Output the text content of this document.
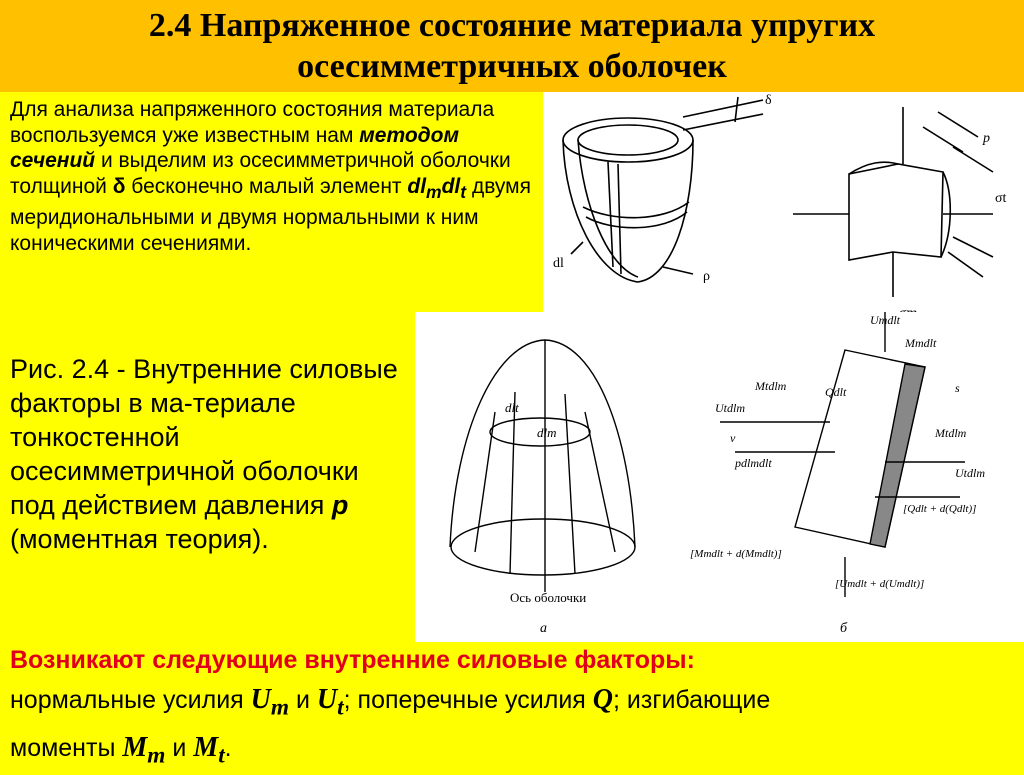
2.4 Напряженное состояние материала упругих
осесимметричных оболочек
Для анализа напряженного состояния материала воспользуемся уже известным нам методом сечений и выделим из осесимметричной оболочки толщиной δ бесконечно малый элемент $dl_mdl_t$ двумя меридиональными и двумя нормальными к ним коническими сечениями.
δ
p
σt
dl
ρ
dlt
dlm
Ось оболочки
а	б
Umdlt
Mmdlt
Mtdlm	Qdlt
Utdlm
s
ν
pdlmdlt
Mtdlm
Utdlm
[Qdlt + d(Qdlt)]
[Mmdlt + d(Mmdlt)]
[Umdlt + d(Umdlt)]
Рис. 2.4 - Внутренние силовые факторы в ма-териале тонкостенной осесимметричной оболочки под действием давления p
(моментная теория).
Возникают следующие внутренние силовые факторы:
нормальные усилия $U_m$ и $U_t$; поперечные усилия Q; изгибающие
моменты $M_m$ и $M_t$.
